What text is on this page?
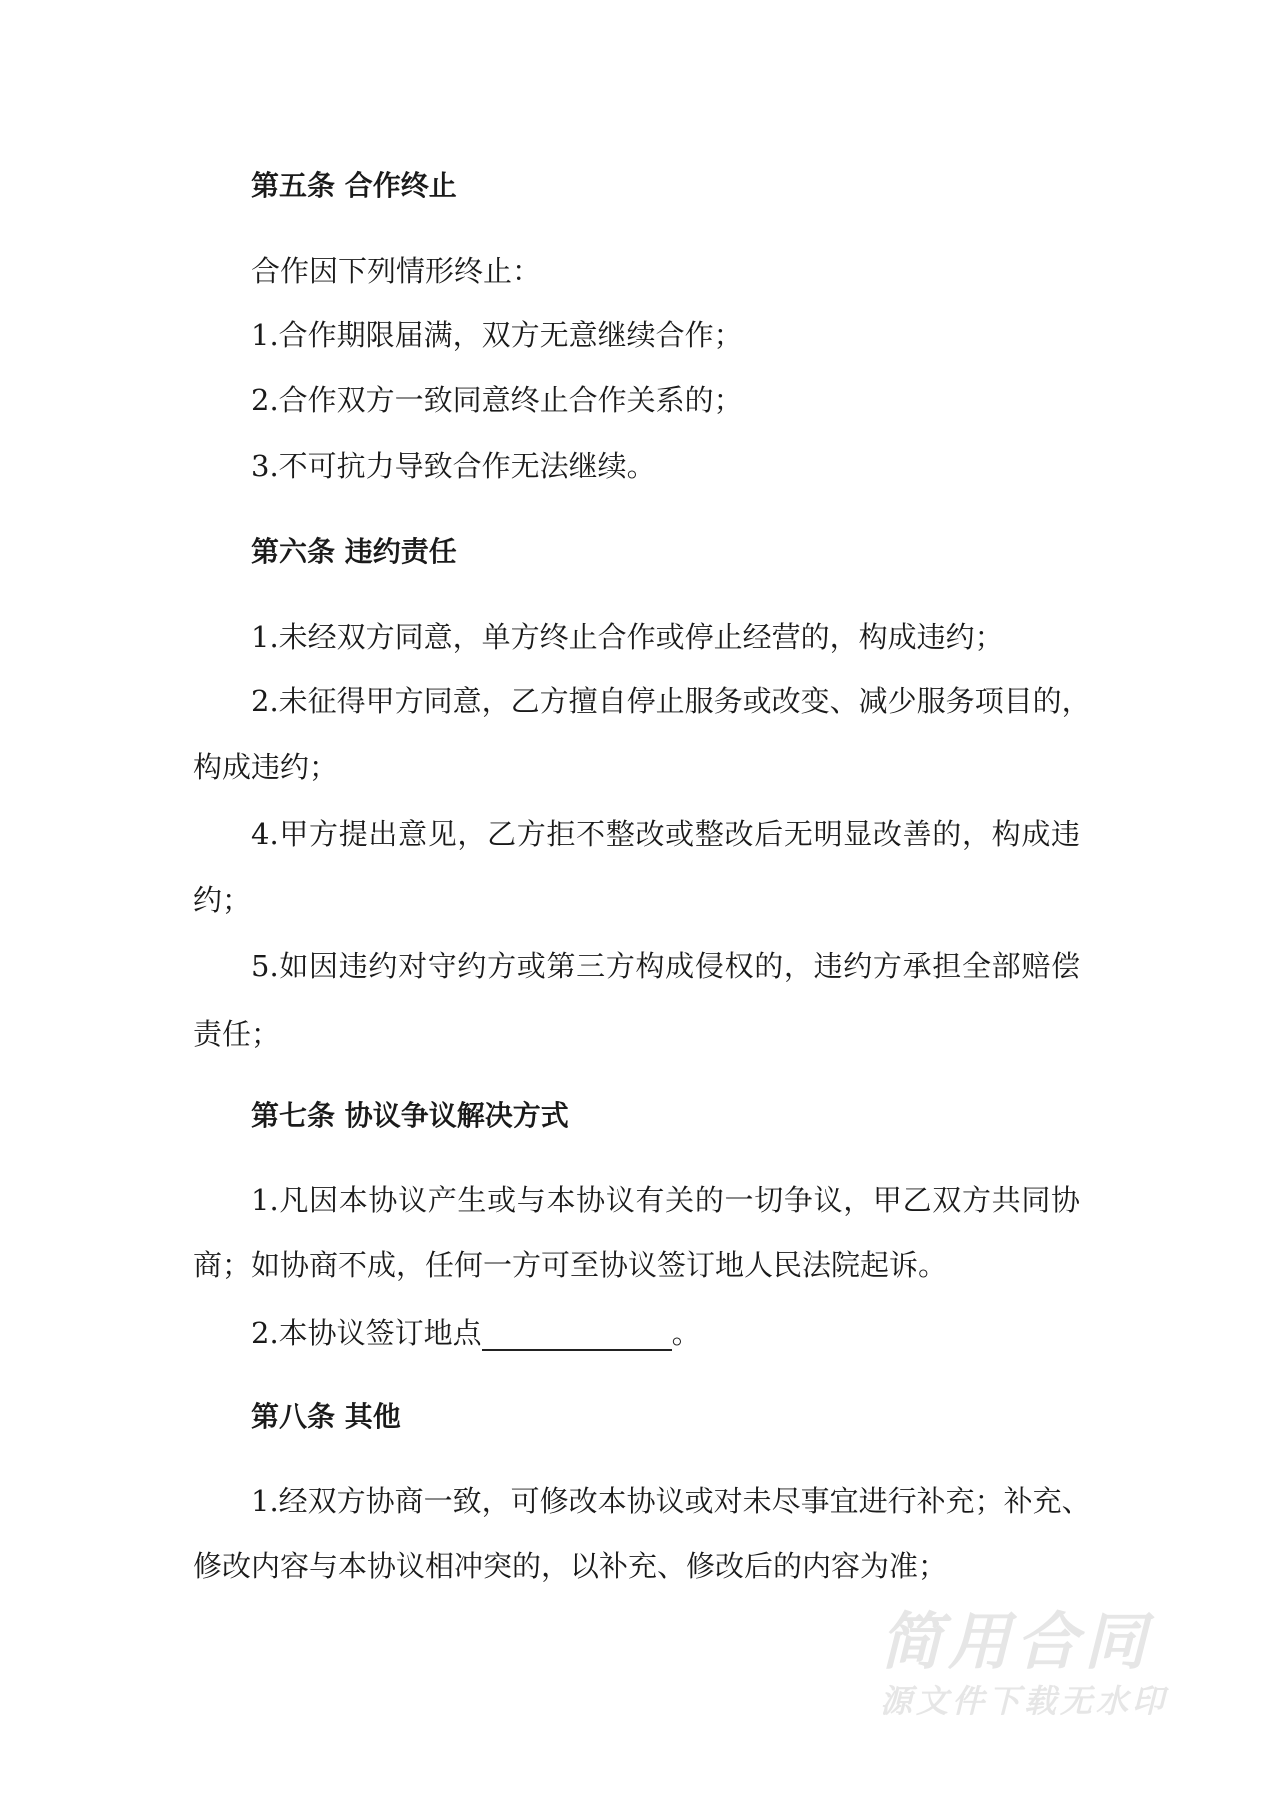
第五条 合作终止
合作因下列情形终止：
1.合作期限届满，双方无意继续合作；
2.合作双方一致同意终止合作关系的；
3.不可抗力导致合作无法继续。
第六条 违约责任
1.未经双方同意，单方终止合作或停止经营的，构成违约；
2.未征得甲方同意，乙方擅自停止服务或改变、减少服务项目的，
构成违约；
4.甲方提出意见，乙方拒不整改或整改后无明显改善的，构成违
约；
5.如因违约对守约方或第三方构成侵权的，违约方承担全部赔偿
责任；
第七条 协议争议解决方式
1.凡因本协议产生或与本协议有关的一切争议，甲乙双方共同协
商；如协商不成，任何一方可至协议签订地人民法院起诉。
2.本协议签订地点	。
第八条 其他
1.经双方协商一致，可修改本协议或对未尽事宜进行补充；补充、
修改内容与本协议相冲突的，以补充、修改后的内容为准；
简用合同
源文件下载无水印
